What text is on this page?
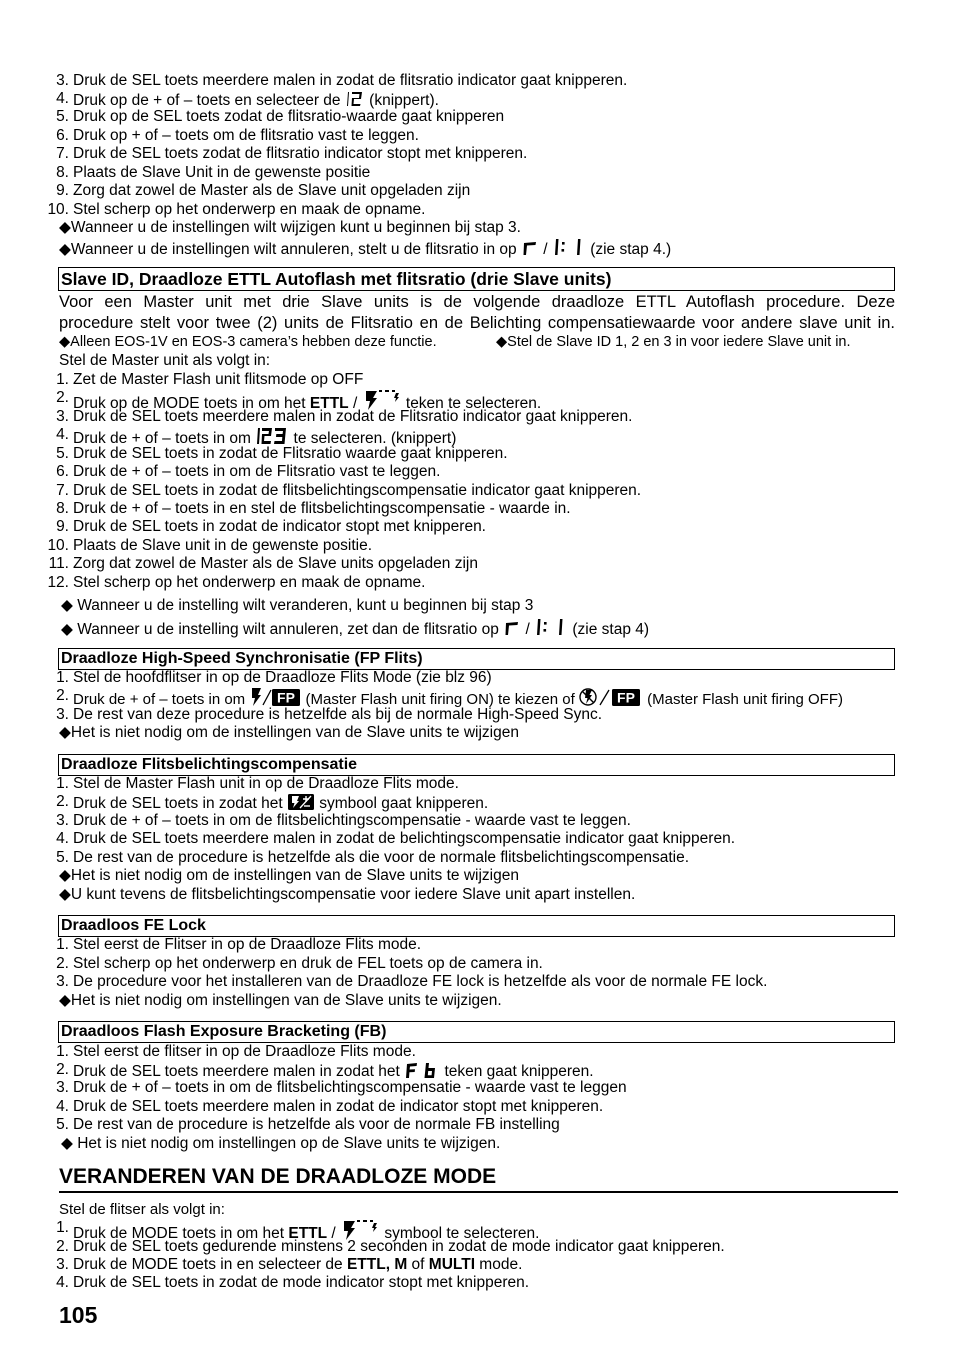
3. Druk de SEL toets meerdere malen in zodat de flitsratio indicator gaat knipperen.
4. Druk op de + of – toets en selecteer de
(knippert).
5. Druk op de SEL toets zodat de flitsratio-waarde gaat knipperen
6. Druk op + of – toets om de flitsratio vast te leggen.
7. Druk de SEL toets zodat de flitsratio indicator stopt met knipperen.
8. Plaats de Slave Unit in de gewenste positie
9. Zorg dat zowel de Master als de Slave unit opgeladen zijn
10. Stel scherp op het onderwerp en maak de opname.
◆Wanneer u de instellingen wilt wijzigen kunt u beginnen bij stap 3.
◆Wanneer u de instellingen wilt annuleren, stelt u de flitsratio in op
/
(zie stap 4.)
Slave ID, Draadloze ETTL Autoflash met flitsratio (drie Slave units)
Voor een Master unit met drie Slave units is de volgende draadloze ETTL Autoflash procedure. Deze
procedure stelt voor twee (2) units de Flitsratio en de Belichting compensatiewaarde voor andere slave unit in.
◆Alleen EOS-1V en EOS-3 camera’s hebben deze functie.	◆Stel de Slave ID 1, 2 en 3 in voor iedere Slave unit in.
Stel de Master unit als volgt in:
1. Zet de Master Flash unit flitsmode op OFF
2. Druk op de MODE toets in om het ETTL /	teken te selecteren.
3. Druk de SEL toets meerdere malen in zodat de Flitsratio indicator gaat knipperen.
4. Druk de + of – toets in om
te selecteren. (knippert)
5. Druk de SEL toets in zodat de Flitsratio waarde gaat knipperen.
6. Druk de + of – toets in om de Flitsratio vast te leggen.
7. Druk de SEL toets in zodat de flitsbelichtingscompensatie indicator gaat knipperen.
8. Druk de + of – toets in en stel de flitsbelichtingscompensatie - waarde in.
9. Druk de SEL toets in zodat de indicator stopt met knipperen.
10. Plaats de Slave unit in de gewenste positie.
11. Zorg dat zowel de Master als de Slave units opgeladen zijn
12. Stel scherp op het onderwerp en maak de opname.
◆ Wanneer u de instelling wilt veranderen, kunt u beginnen bij stap 3
◆ Wanneer u de instelling wilt annuleren, zet dan de flitsratio op
/
(zie stap 4)
Draadloze High-Speed Synchronisatie (FP Flits)
1. Stel de hoofdflitser in op de Draadloze Flits Mode (zie blz 96)
2. Druk de + of – toets in om FP (Master Flash unit firing ON) te kiezen of	FP (Master Flash unit firing OFF)
3. De rest van deze procedure is hetzelfde als bij de normale High-Speed Sync.
◆Het is niet nodig om de instellingen van de Slave units te wijzigen
Draadloze Flitsbelichtingscompensatie
1. Stel de Master Flash unit in op de Draadloze Flits mode.
2. Druk de SEL toets in zodat het
symbool gaat knipperen.
3. Druk de + of – toets in om de flitsbelichtingscompensatie - waarde vast te leggen.
4. Druk de SEL toets meerdere malen in zodat de belichtingscompensatie indicator gaat knipperen.
5. De rest van de procedure is hetzelfde als die voor de normale flitsbelichtingscompensatie.
◆Het is niet nodig om de instellingen van de Slave units te wijzigen
◆U kunt tevens de flitsbelichtingscompensatie voor iedere Slave unit apart instellen.
Draadloos FE Lock
1. Stel eerst de Flitser in op de Draadloze Flits mode.
2. Stel scherp op het onderwerp en druk de FEL toets op de camera in.
3. De procedure voor het installeren van de Draadloze FE lock is hetzelfde als voor de normale FE lock.
◆Het is niet nodig om instellingen van de Slave units te wijzigen.
Draadloos Flash Exposure Bracketing (FB)
1. Stel eerst de flitser in op de Draadloze Flits mode.
2. Druk de SEL toets meerdere malen in zodat het
teken gaat knipperen.
3. Druk de + of – toets in om de flitsbelichtingscompensatie - waarde vast te leggen
4. Druk de SEL toets meerdere malen in zodat de indicator stopt met knipperen.
5. De rest van de procedure is hetzelfde als voor de normale FB instelling
◆ Het is niet nodig om instellingen op de Slave units te wijzigen.
VERANDEREN VAN DE DRAADLOZE MODE
Stel de flitser als volgt in:
1. Druk de MODE toets in om het ETTL /	symbool te selecteren.
2. Druk de SEL toets gedurende minstens 2 seconden in zodat de mode indicator gaat knipperen.
3. Druk de MODE toets in en selecteer de ETTL, M of MULTI mode.
4. Druk de SEL toets in zodat de mode indicator stopt met knipperen.
105
